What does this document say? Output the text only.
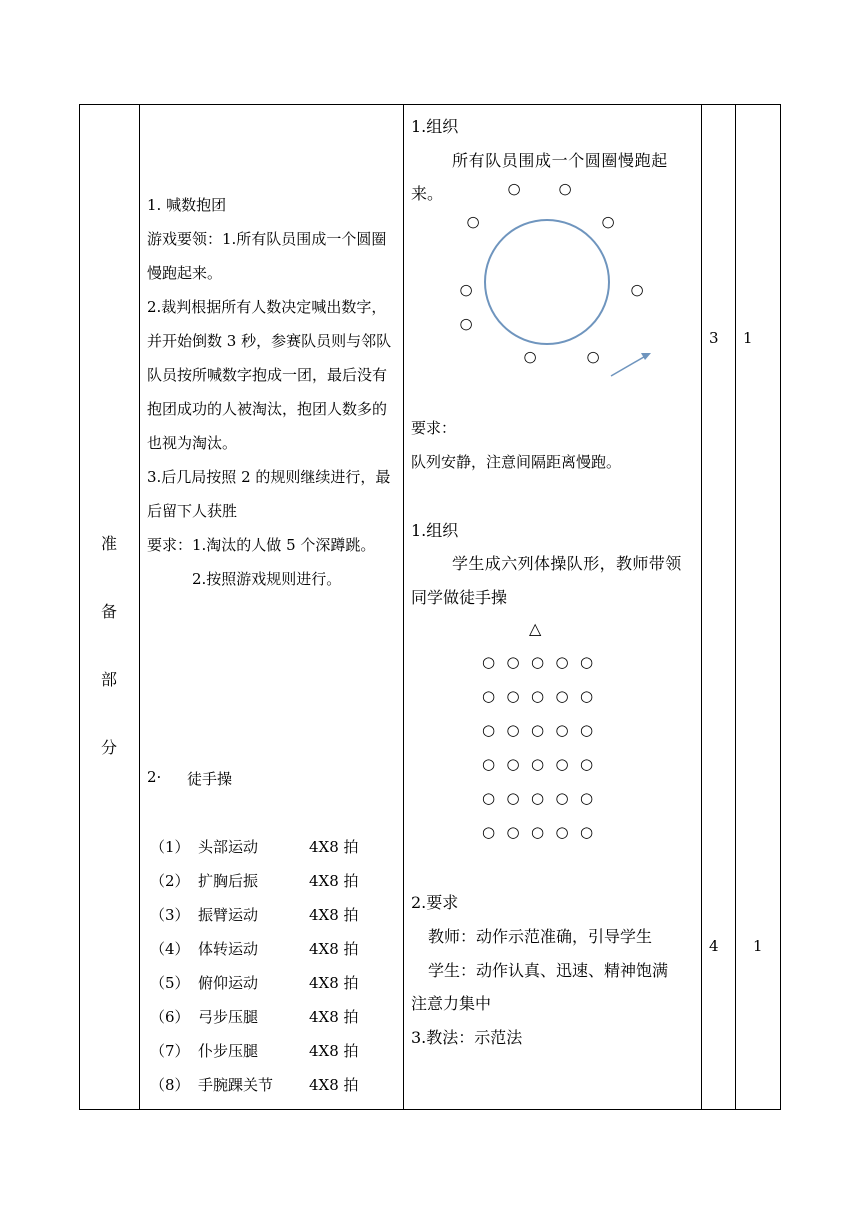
准
备
部
分
1. 喊数抱团
游戏要领：1.所有队员围成一个圆圈
慢跑起来。
2.裁判根据所有人数决定喊出数字，
并开始倒数 3 秒，参赛队员则与邻队
队员按所喊数字抱成一团，最后没有
抱团成功的人被淘汰，抱团人数多的
也视为淘汰。
3.后几局按照 2 的规则继续进行，最
后留下人获胜
要求：1.淘汰的人做 5 个深蹲跳。
2.按照游戏规则进行。
2· 徒手操
（1） 头部运动	4X8 拍
（2） 扩胸后振	4X8 拍
（3） 振臂运动	4X8 拍
（4） 体转运动	4X8 拍
（5） 俯仰运动	4X8 拍
（6） 弓步压腿	4X8 拍
（7） 仆步压腿	4X8 拍
（8） 手腕踝关节 4X8 拍
1.组织
所有队员围成一个圆圈慢跑起
来。	○	○
○	○
○	○
○
○	○
要求：
队列安静，注意间隔距离慢跑。
1.组织
学生成六列体操队形，教师带领
同学做徒手操
△
○ ○ ○ ○ ○
○ ○ ○ ○ ○
○ ○ ○ ○ ○
○ ○ ○ ○ ○
○ ○ ○ ○ ○
○ ○ ○ ○ ○
2.要求
教师：动作示范准确，引导学生
学生：动作认真、迅速、精神饱满
注意力集中
3.教法：示范法
3 1
4 1
